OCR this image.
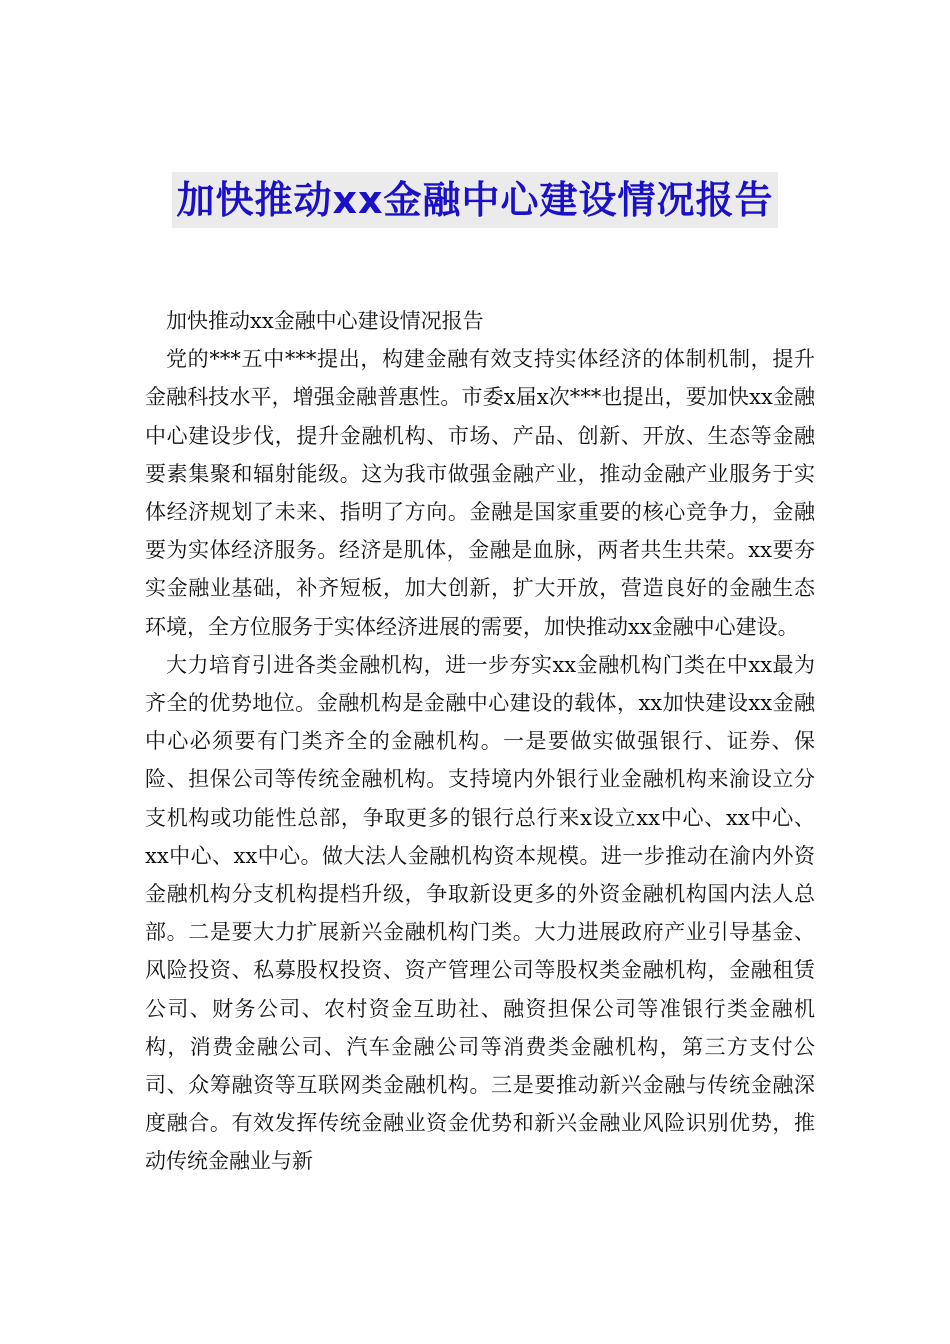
加快推动xx金融中心建设情况报告

加快推动xx金融中心建设情况报告

党的***五中***提出，构建金融有效支持实体经济的体制机制，提升金融科技水平，增强金融普惠性。市委x届x次***也提出，要加快xx金融中心建设步伐，提升金融机构、市场、产品、创新、开放、生态等金融要素集聚和辐射能级。这为我市做强金融产业，推动金融产业服务于实体经济规划了未来、指明了方向。金融是国家重要的核心竞争力，金融要为实体经济服务。经济是肌体，金融是血脉，两者共生共荣。xx要夯实金融业基础，补齐短板，加大创新，扩大开放，营造良好的金融生态环境，全方位服务于实体经济进展的需要，加快推动xx金融中心建设。

大力培育引进各类金融机构，进一步夯实xx金融机构门类在中xx最为齐全的优势地位。金融机构是金融中心建设的载体，xx加快建设xx金融中心必须要有门类齐全的金融机构。一是要做实做强银行、证券、保险、担保公司等传统金融机构。支持境内外银行业金融机构来渝设立分支机构或功能性总部，争取更多的银行总行来x设立xx中心、xx中心、xx中心、xx中心。做大法人金融机构资本规模。进一步推动在渝内外资金融机构分支机构提档升级，争取新设更多的外资金融机构国内法人总部。二是要大力扩展新兴金融机构门类。大力进展政府产业引导基金、风险投资、私募股权投资、资产管理公司等股权类金融机构，金融租赁公司、财务公司、农村资金互助社、融资担保公司等准银行类金融机构，消费金融公司、汽车金融公司等消费类金融机构，第三方支付公司、众筹融资等互联网类金融机构。三是要推动新兴金融与传统金融深度融合。有效发挥传统金融业资金优势和新兴金融业风险识别优势，推动传统金融业与新
